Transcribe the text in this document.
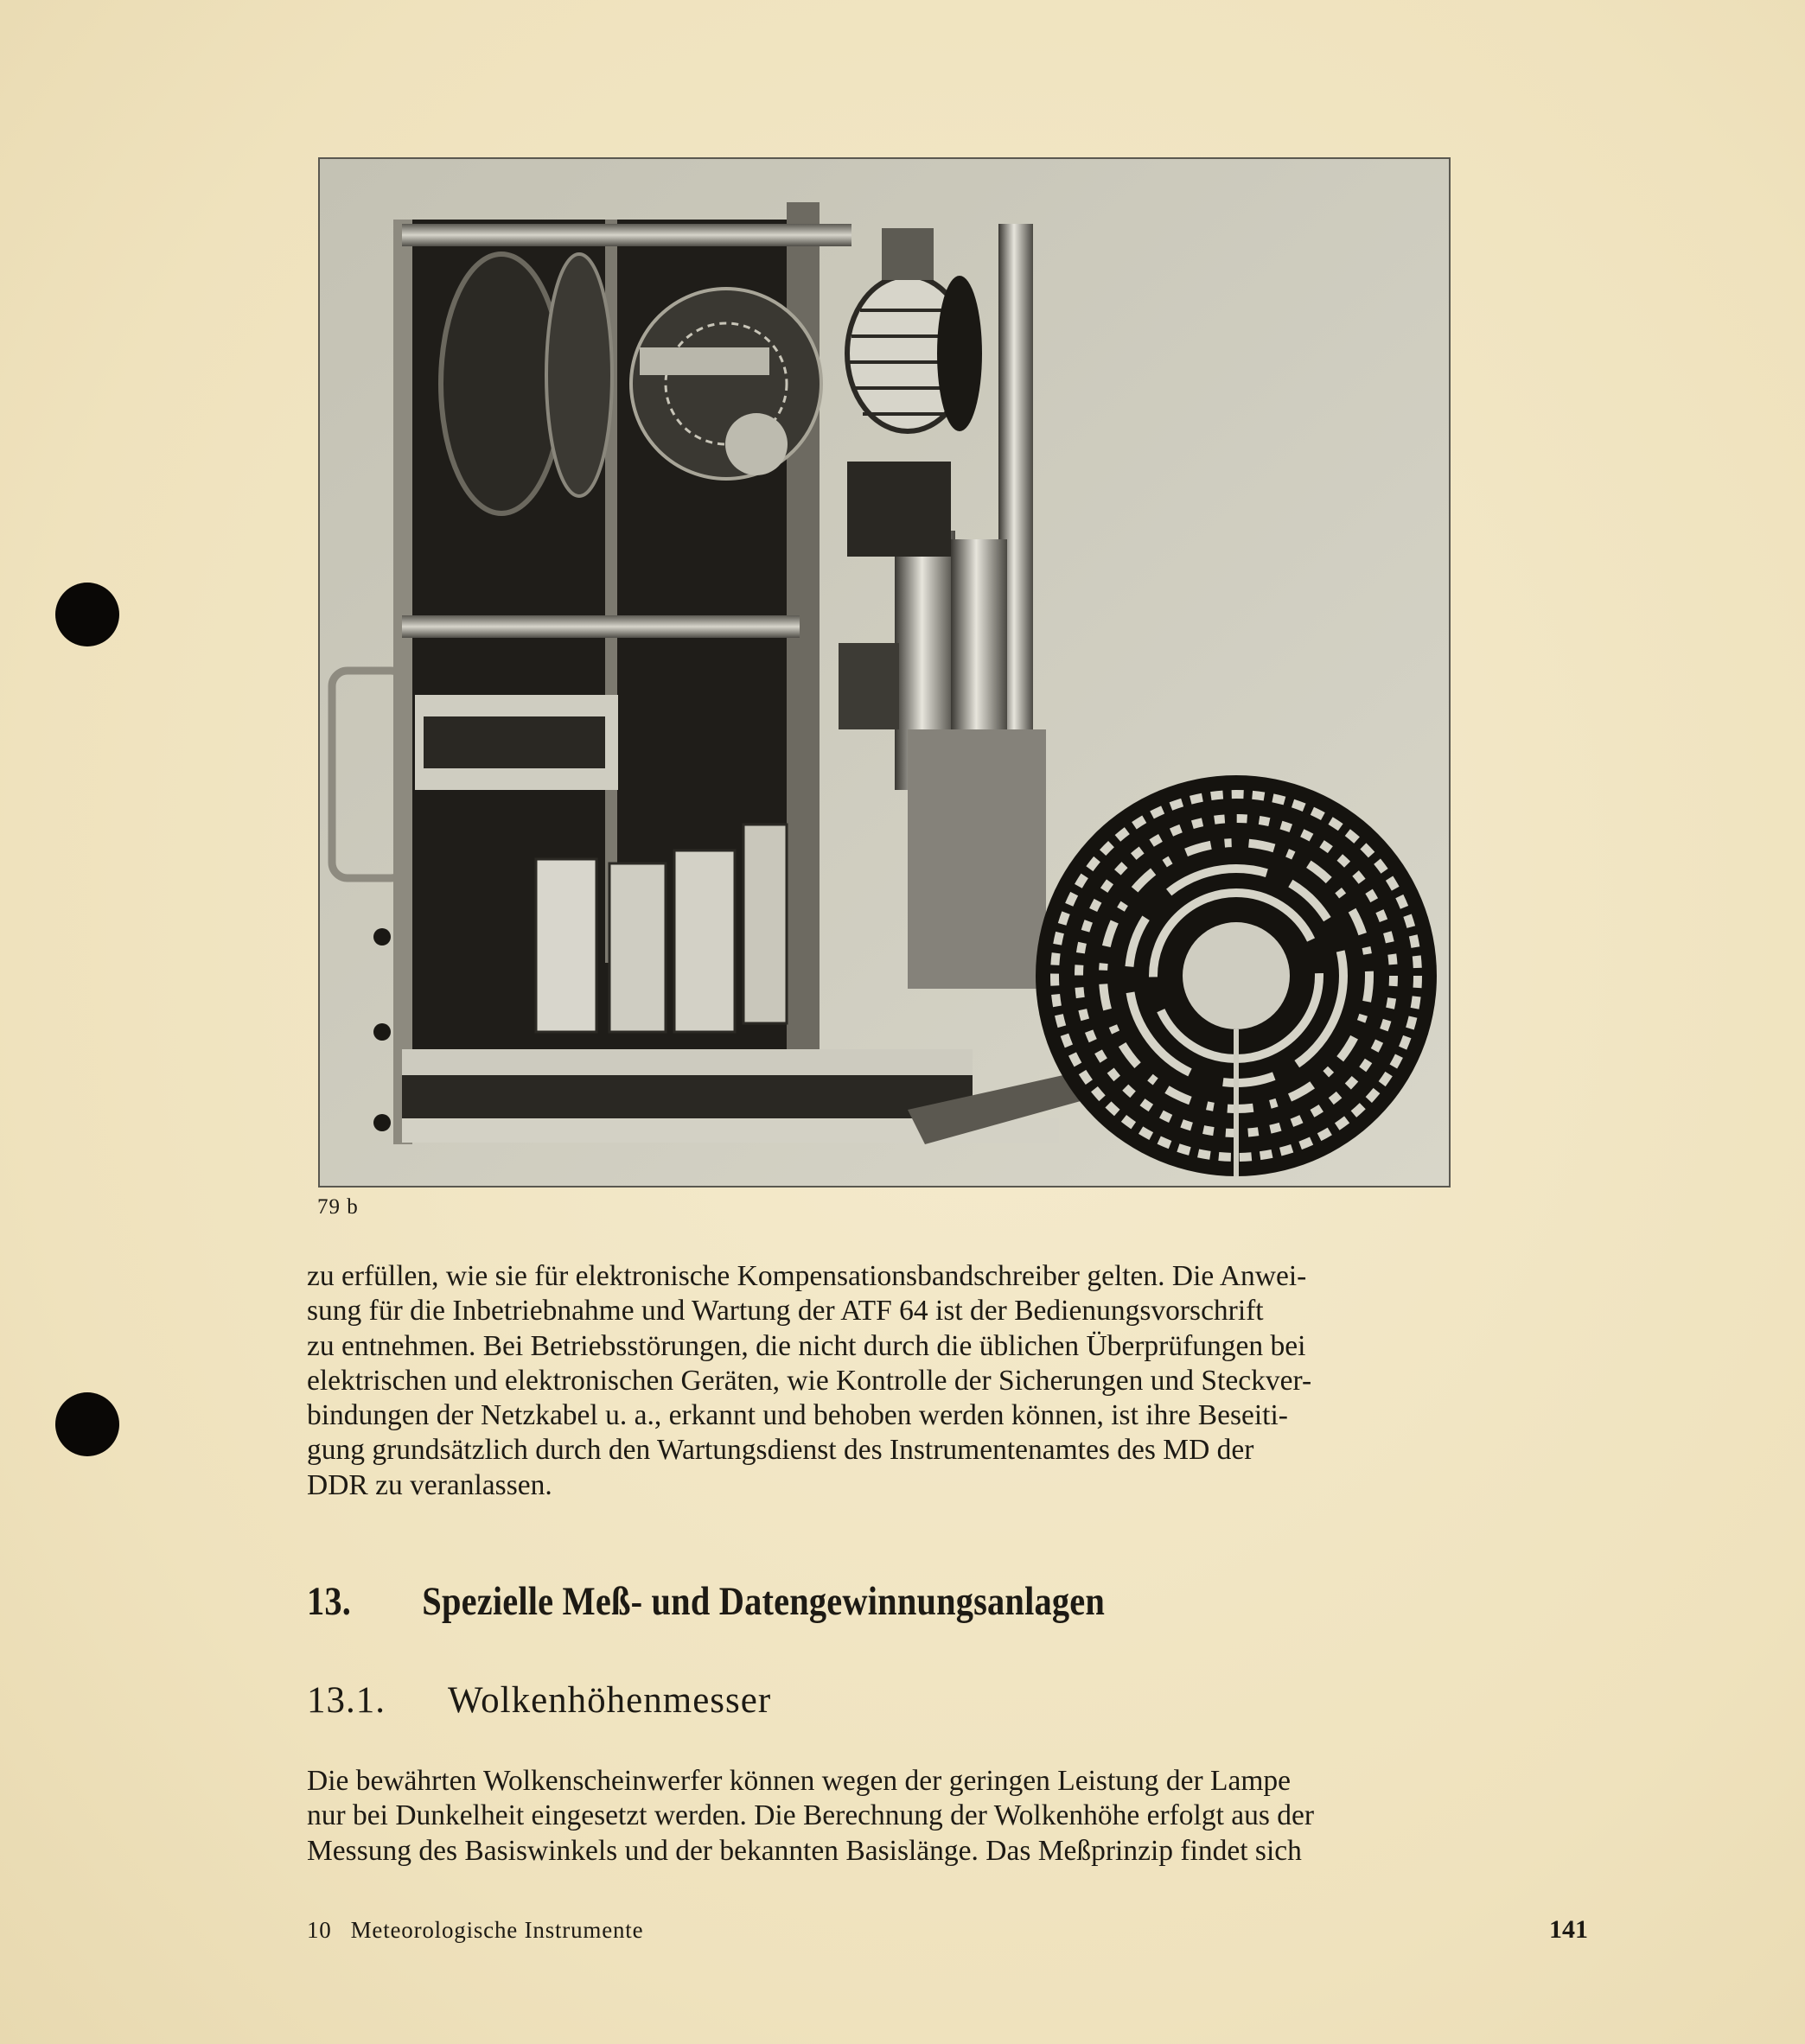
79 b
zu erfüllen, wie sie für elektronische Kompensationsbandschreiber gelten. Die Anwei-
sung für die Inbetriebnahme und Wartung der ATF 64 ist der Bedienungsvorschrift
zu entnehmen. Bei Betriebsstörungen, die nicht durch die üblichen Überprüfungen bei
elektrischen und elektronischen Geräten, wie Kontrolle der Sicherungen und Steckver-
bindungen der Netzkabel u. a., erkannt und behoben werden können, ist ihre Beseiti-
gung grundsätzlich durch den Wartungsdienst des Instrumentenamtes des MD der
DDR zu veranlassen.
13. Spezielle Meß- und Datengewinnungsanlagen
13.1. Wolkenhöhenmesser
Die bewährten Wolkenscheinwerfer können wegen der geringen Leistung der Lampe
nur bei Dunkelheit eingesetzt werden. Die Berechnung der Wolkenhöhe erfolgt aus der
Messung des Basiswinkels und der bekannten Basislänge. Das Meßprinzip findet sich
10 Meteorologische Instrumente	141
